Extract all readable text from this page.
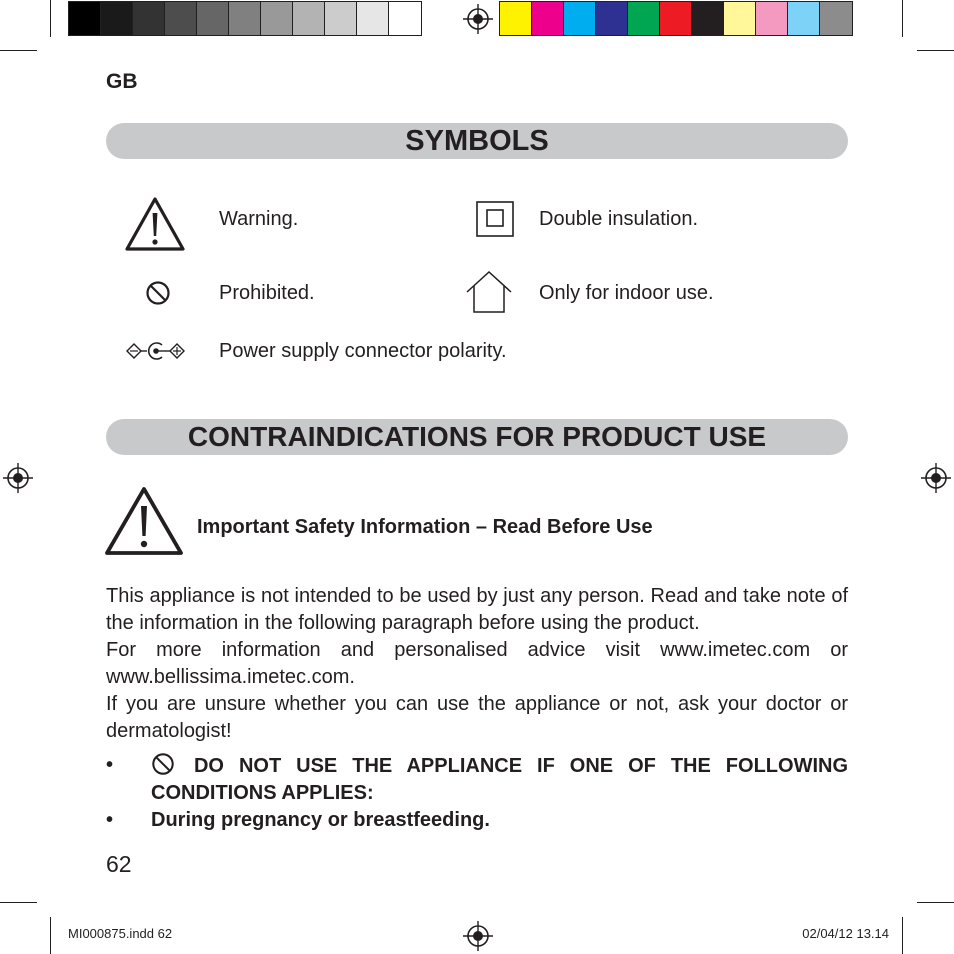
GB
SYMBOLS
Warning.	Double insulation.
Prohibited.	Only for indoor use.
Power supply connector polarity.
CONTRAINDICATIONS FOR PRODUCT USE
Important Safety Information – Read Before Use

This appliance is not intended to be used by just any person. Read and take note of the information in the following paragraph before using the product.

For more information and personalised advice visit www.imetec.com or

www.bellissima.imetec.com.

If you are unsure whether you can use the appliance or not, ask your doctor or dermatologist!

•	DO NOT USE THE APPLIANCE IF ONE OF THE FOLLOWING
CONDITIONS APPLIES:
•	During pregnancy or breastfeeding.
62
MI000875.indd 62	02/04/12 13.14
